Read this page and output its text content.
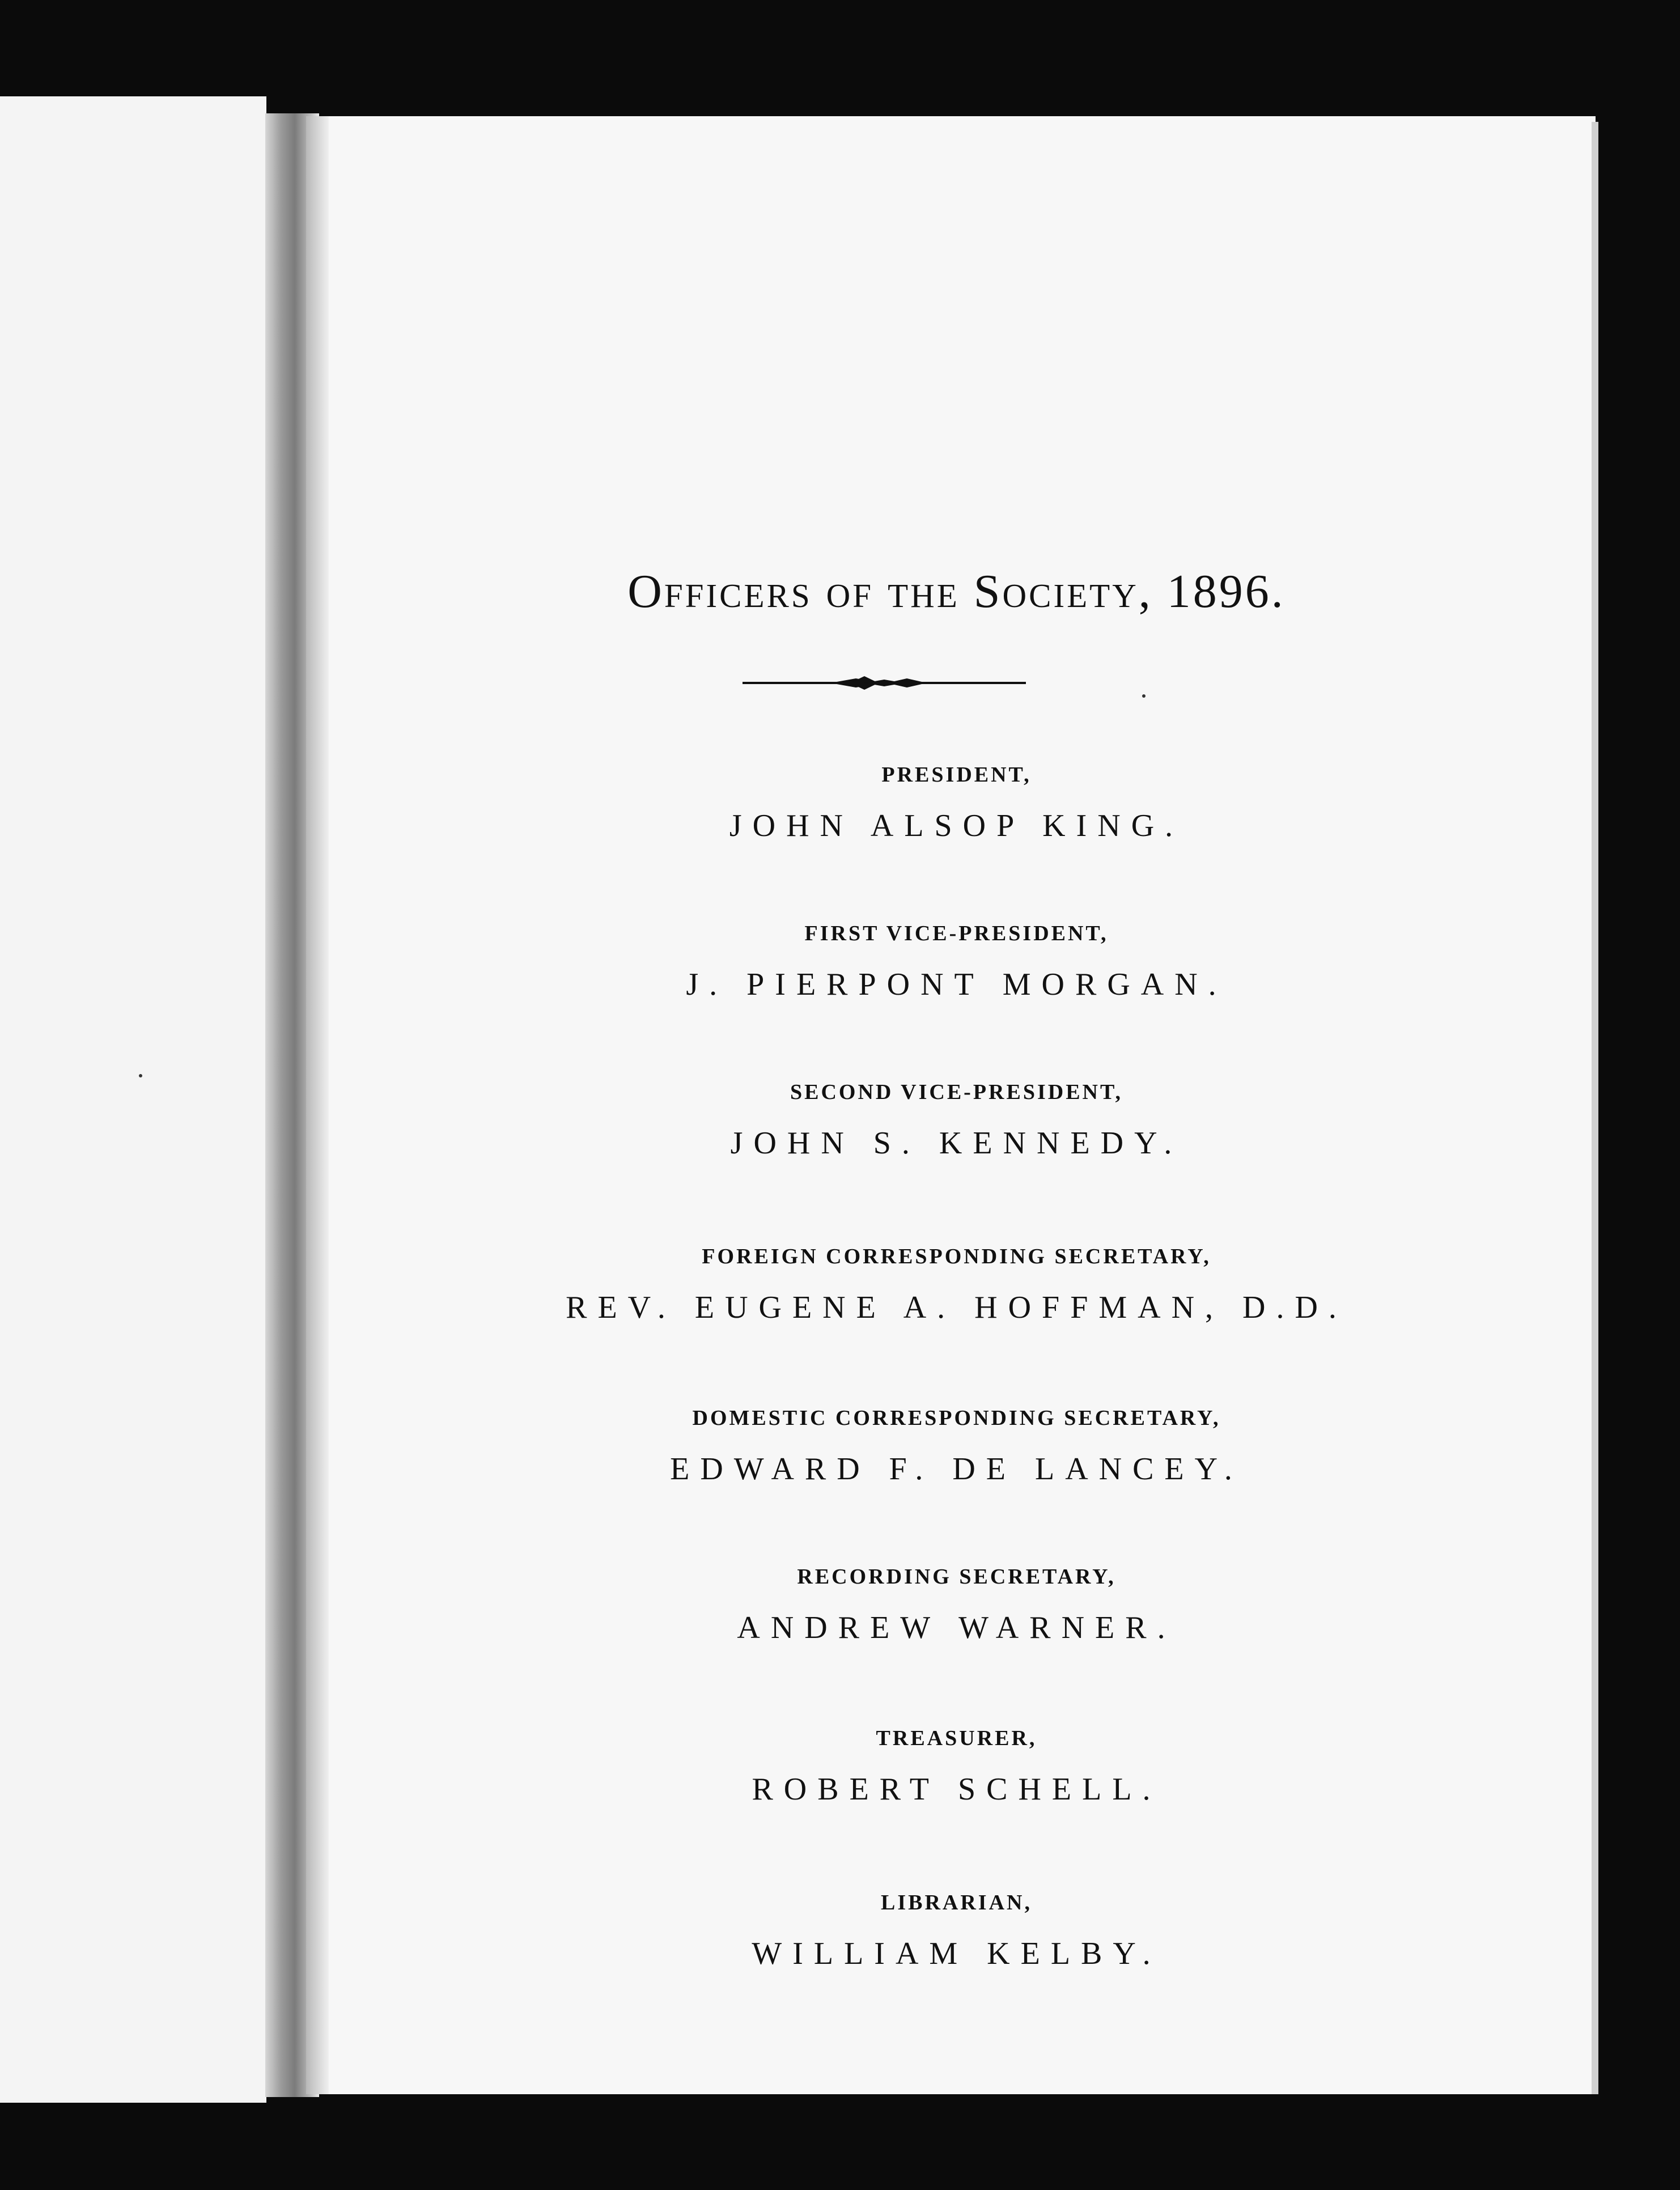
Officers of the Society, 1896.
PRESIDENT,

JOHN ALSOP KING.

FIRST VICE-PRESIDENT,

J. PIERPONT MORGAN.

SECOND VICE-PRESIDENT,

JOHN S. KENNEDY.

FOREIGN CORRESPONDING SECRETARY,

REV. EUGENE A. HOFFMAN, D.D.

DOMESTIC CORRESPONDING SECRETARY,

EDWARD F. DE LANCEY.

RECORDING SECRETARY,

ANDREW WARNER.

TREASURER,

ROBERT SCHELL.

LIBRARIAN,

WILLIAM KELBY.
